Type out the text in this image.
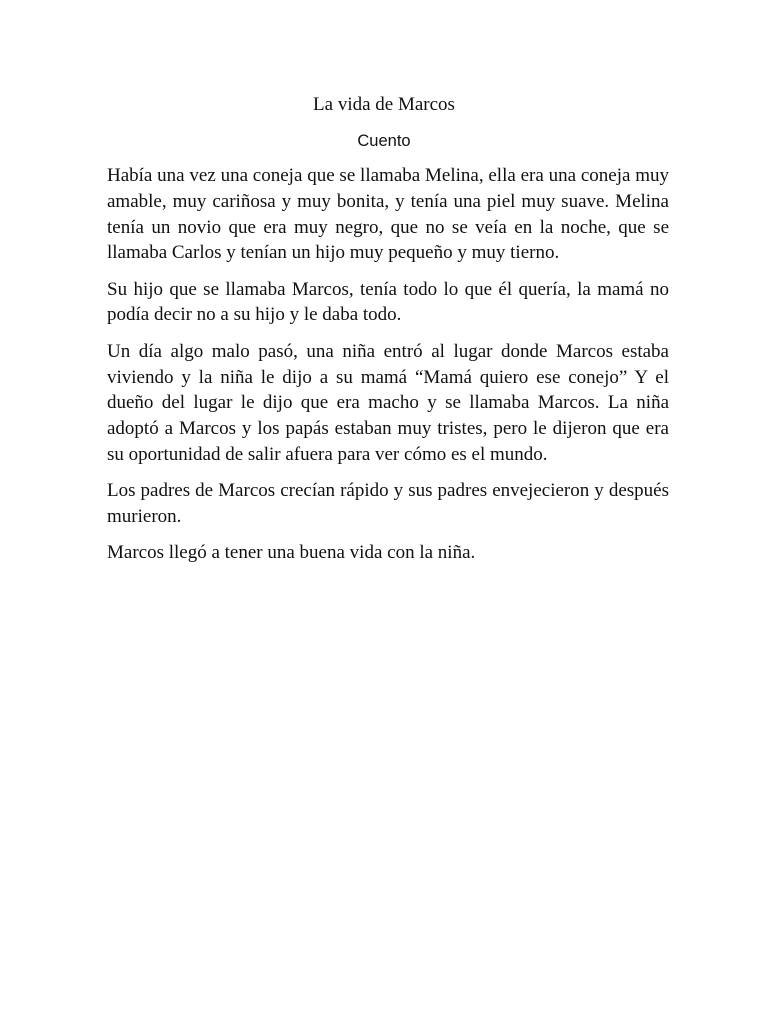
La vida de Marcos
Cuento

Había una vez una coneja que se llamaba Melina, ella era una coneja muy amable, muy cariñosa y muy bonita, y tenía una piel muy suave. Melina tenía un novio que era muy negro, que no se veía en la noche, que se llamaba Carlos y tenían un hijo muy pequeño y muy tierno.

Su hijo que se llamaba Marcos, tenía todo lo que él quería, la mamá no podía decir no a su hijo y le daba todo.

Un día algo malo pasó, una niña entró al lugar donde Marcos estaba viviendo y la niña le dijo a su mamá “Mamá quiero ese conejo” Y el dueño del lugar le dijo que era macho y se llamaba Marcos. La niña adoptó a Marcos y los papás estaban muy tristes, pero le dijeron que era su oportunidad de salir afuera para ver cómo es el mundo.

Los padres de Marcos crecían rápido y sus padres envejecieron y después murieron.

Marcos llegó a tener una buena vida con la niña.
